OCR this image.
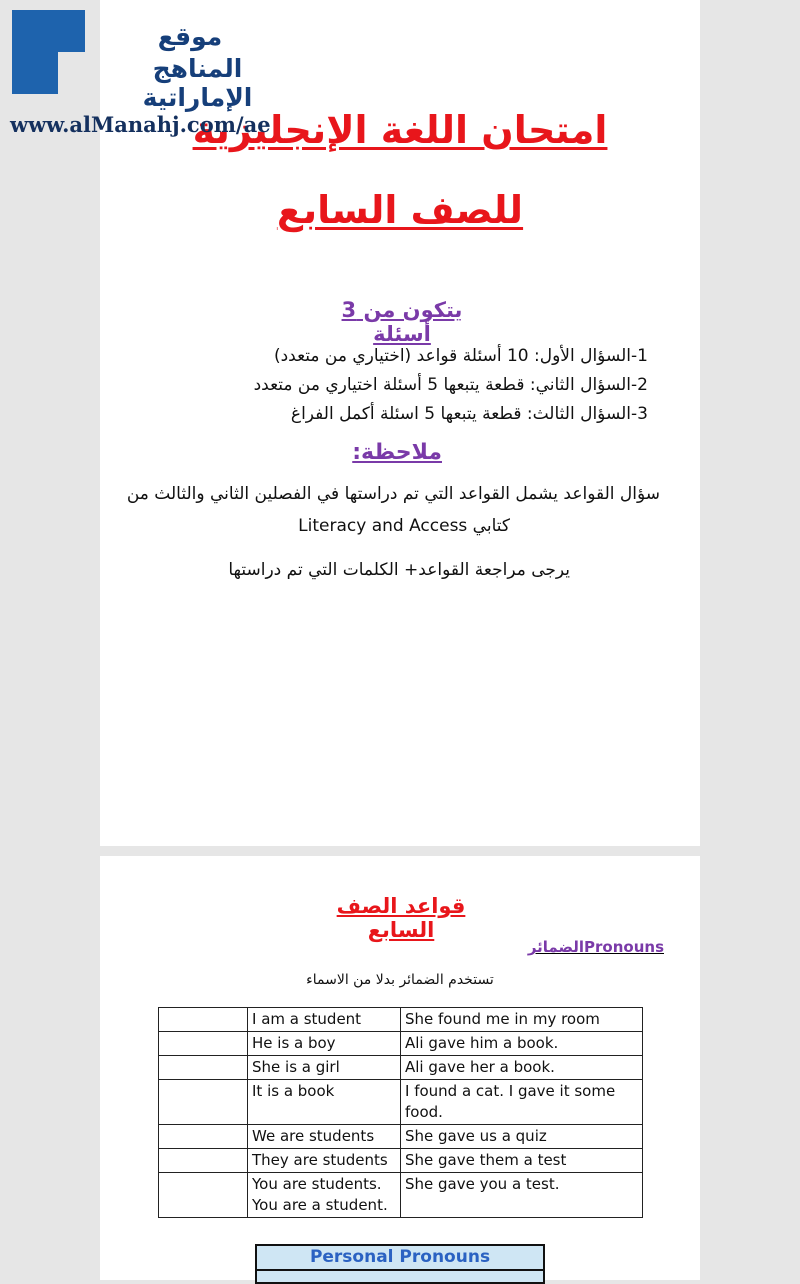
موقع
المناهج الإماراتية
www.alManahj.com/ae
امتحان اللغة الإنجليزية
للصف السابع
يتكون من 3 أسئلة
1-السؤال الأول: 10 أسئلة قواعد (اختياري من متعدد)
2-السؤال الثاني: قطعة يتبعها 5 أسئلة اختياري من متعدد
3-السؤال الثالث: قطعة يتبعها 5 اسئلة أكمل الفراغ
ملاحظة:
سؤال القواعد يشمل القواعد التي تم دراستها في الفصلين الثاني والثالث من
كتابي Literacy and Access
يرجى مراجعة القواعد+ الكلمات التي تم دراستها
قواعد الصف السابع
الضمائرPronouns
تستخدم الضمائر بدلا من الاسماء
	I am a student	She found me in my room
	He is a boy	Ali gave him a book.
	She is a girl	Ali gave her a book.
	It is a book	I found a cat. I gave it some food.
	We are students	She gave us a quiz
	They are students	She gave them a test
	You are students. You are a student.	She gave you a test.
Personal Pronouns
